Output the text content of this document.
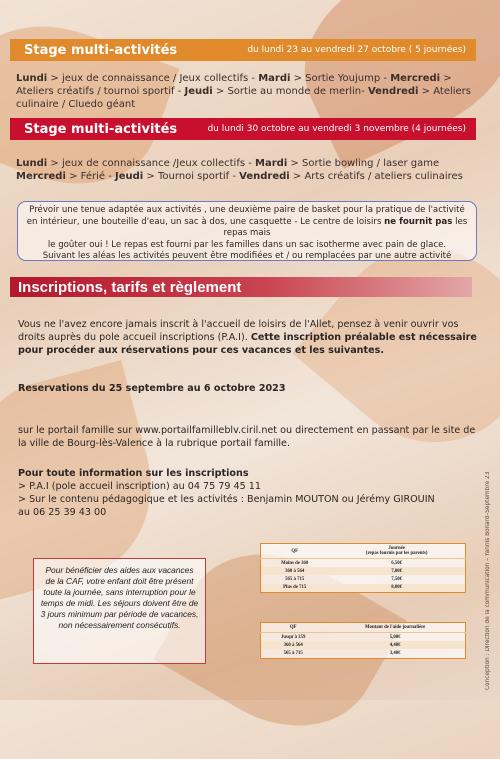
Stage multi-activités	du lundi 23 au vendredi 27 octobre ( 5 journées)
Lundi > jeux de connaissance / Jeux collectifs - Mardi > Sortie Youjump - Mercredi > Ateliers créatifs / tournoi sportif - Jeudi > Sortie au monde de merlin- Vendredi > Ateliers culinaire / Cluedo géant
Stage multi-activités	du lundi 30 octobre au vendredi 3 novembre (4 journées)
Lundi > jeux de connaissance /Jeux collectifs - Mardi > Sortie bowling / laser game
Mercredi > Férié - Jeudi > Tournoi sportif - Vendredi > Arts créatifs / ateliers culinaires
Prévoir une tenue adaptée aux activités , une deuxième paire de basket pour la pratique de l'activité
en intérieur, une bouteille d'eau, un sac à dos, une casquette - Le centre de loisirs ne fournit pas les repas mais
le goûter oui ! Le repas est fourni par les familles dans un sac isotherme avec pain de glace.
Suivant les aléas les activités peuvent être modifiées et / ou remplacées par une autre activité
Inscriptions, tarifs et règlement
Vous ne l'avez encore jamais inscrit à l'accueil de loisirs de l'Allet, pensez à venir ouvrir vos droits auprès du pole accueil inscriptions (P.A.I). Cette inscription préalable est nécessaire pour procéder aux réservations pour ces vacances et les suivantes.
Reservations du 25 septembre au 6 octobre 2023
sur le portail famille sur www.portailfamilleblv.ciril.net ou directement en passant par le site de la ville de Bourg-lès-Valence à la rubrique portail famille.
Pour toute information sur les inscriptions
> P.A.I (pole accueil inscription) au 04 75 79 45 11
> Sur le contenu pédagogique et les activités : Benjamin MOUTON ou Jérémy GIROUIN
au 06 25 39 43 00
Pour bénéficier des aides aux vacances de la CAF, votre enfant doit être présent toute la journée, sans interruption pour le temps de midi. Les séjours doivent être de 3 jours minimum par période de vacances, non nécessairement consécutifs.
QF	Journée
(repas fournis par les parents)
Moins de 360	6,50€
360 à 564	7,00€
565 à 715	7,50€
Plus de 715	8,00€
QF	Montant de l'aide journalière
Jusqu'à 359	5,00€
360 à 564	4,40€
565 à 715	3,40€	Conception : Direction de la communication – Yannis Bollard–Septembre 23
